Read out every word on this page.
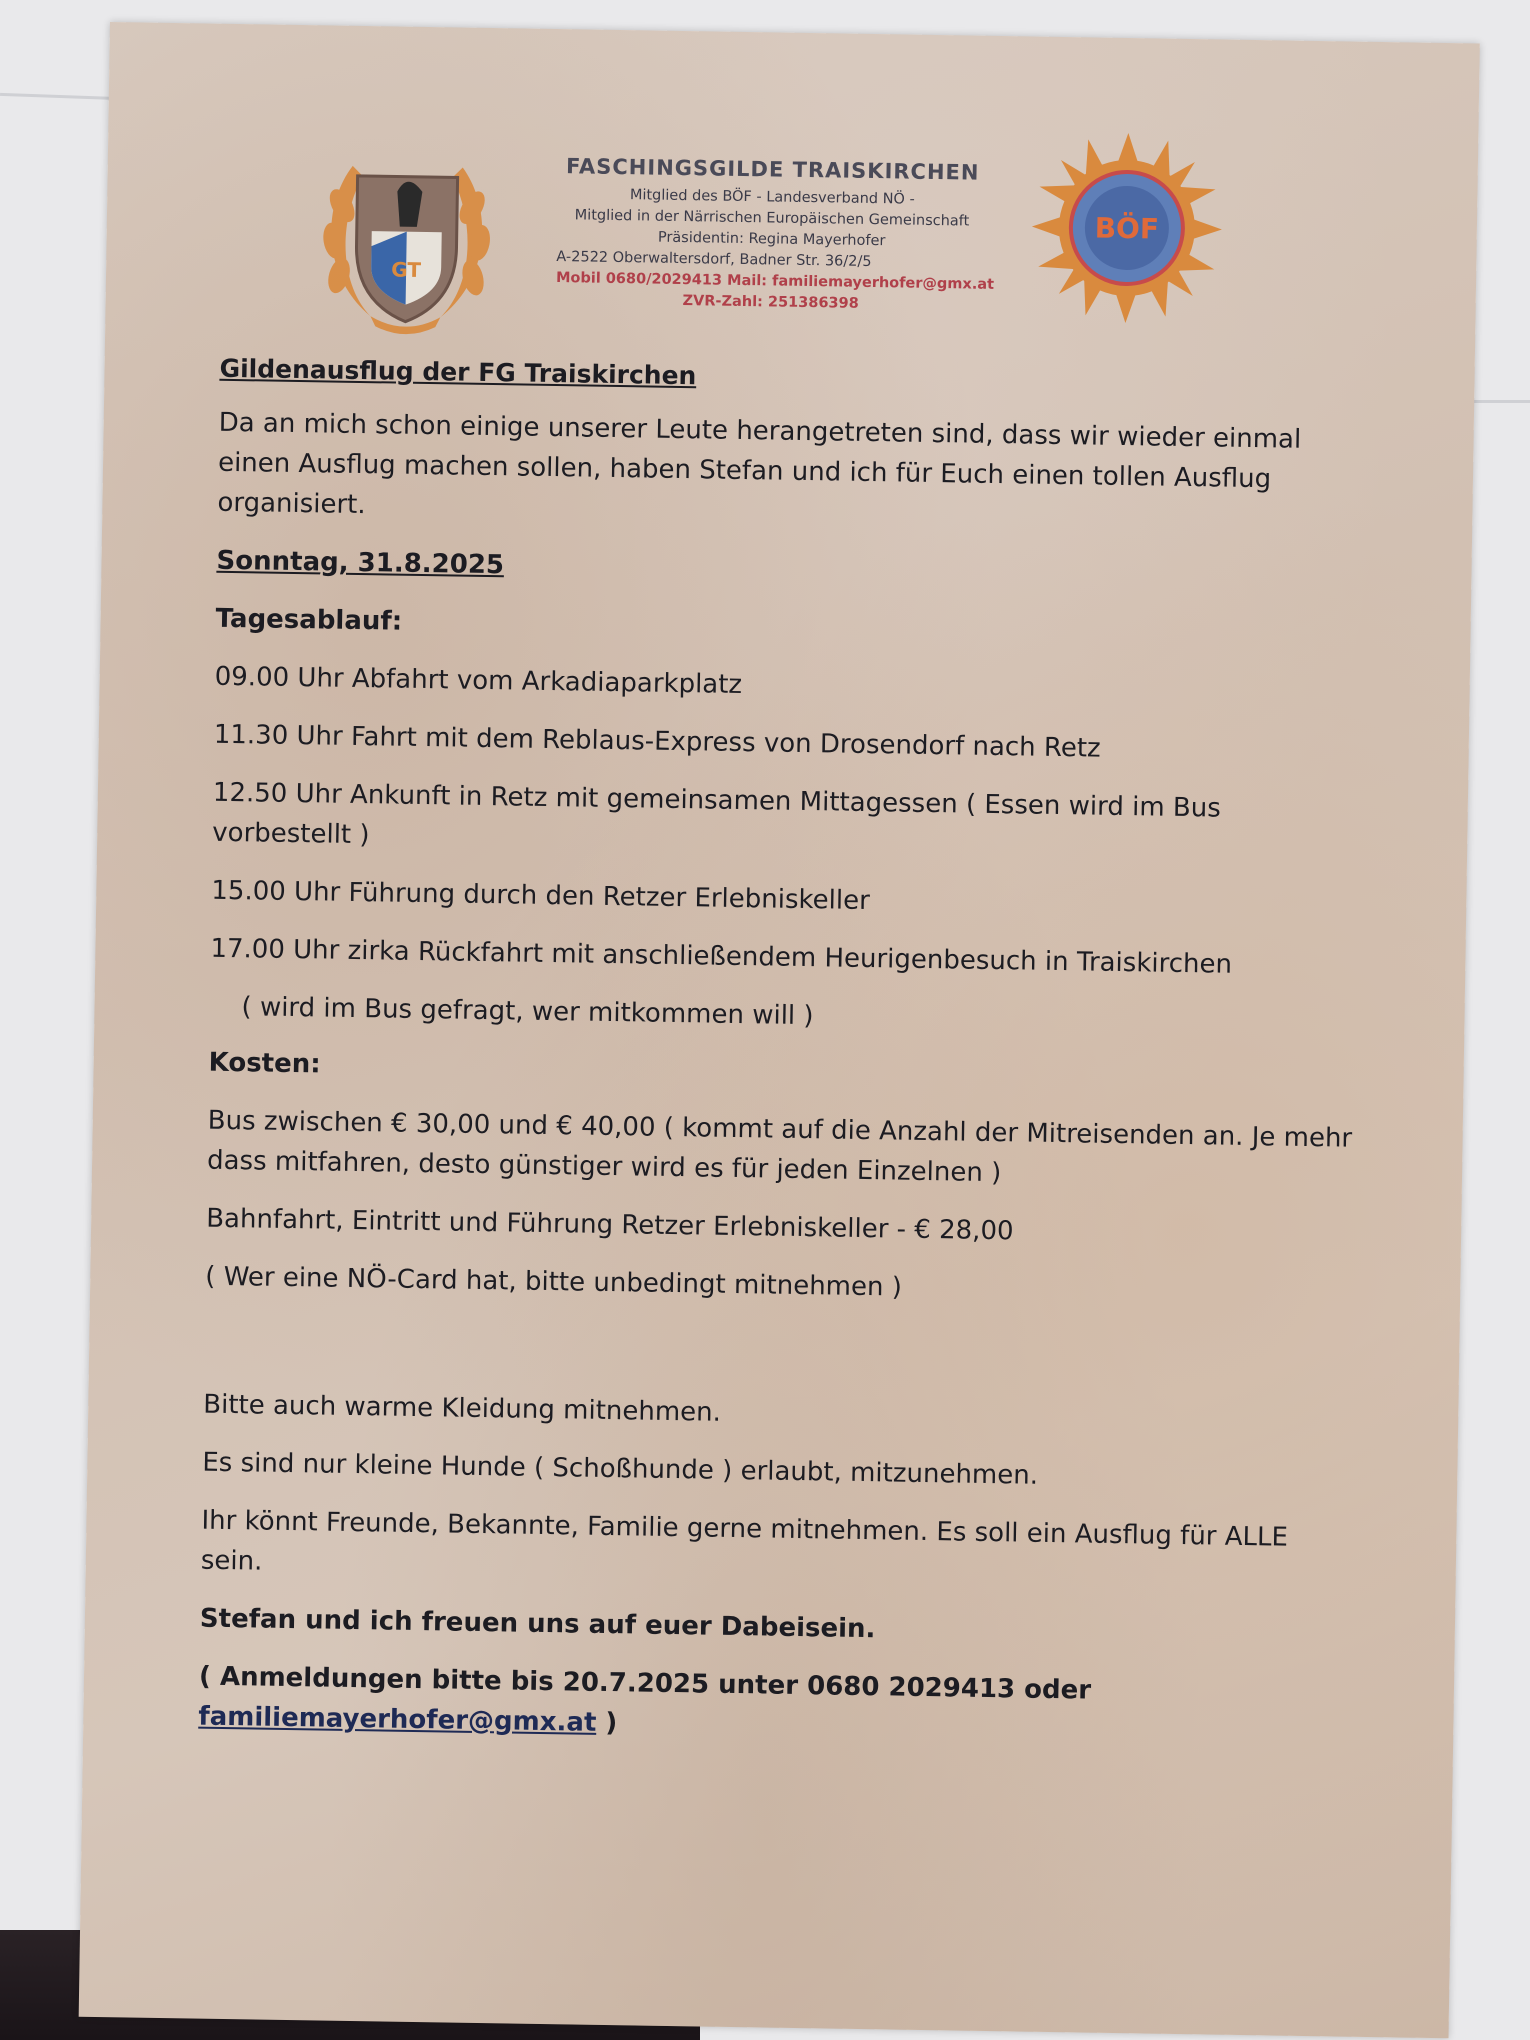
GT
FASCHINGSGILDE TRAISKIRCHEN
Mitglied des BÖF - Landesverband NÖ -
Mitglied in der Närrischen Europäischen Gemeinschaft
Präsidentin: Regina Mayerhofer
A-2522 Oberwaltersdorf, Badner Str. 36/2/5
Mobil 0680/2029413 Mail: familiemayerhofer@gmx.at
ZVR-Zahl: 251386398
BÖF

Gildenausflug der FG Traiskirchen

Da an mich schon einige unserer Leute herangetreten sind, dass wir wieder einmal einen Ausflug machen sollen, haben Stefan und ich für Euch einen tollen Ausflug organisiert.

Sonntag, 31.8.2025

Tagesablauf:

09.00 Uhr Abfahrt vom Arkadiaparkplatz

11.30 Uhr Fahrt mit dem Reblaus-Express von Drosendorf nach Retz

12.50 Uhr Ankunft in Retz mit gemeinsamen Mittagessen ( Essen wird im Bus vorbestellt )

15.00 Uhr Führung durch den Retzer Erlebniskeller

17.00 Uhr zirka Rückfahrt mit anschließendem Heurigenbesuch in Traiskirchen

( wird im Bus gefragt, wer mitkommen will )

Kosten:

Bus zwischen € 30,00 und € 40,00 ( kommt auf die Anzahl der Mitreisenden an. Je mehr dass mitfahren, desto günstiger wird es für jeden Einzelnen )

Bahnfahrt, Eintritt und Führung Retzer Erlebniskeller - € 28,00

( Wer eine NÖ-Card hat, bitte unbedingt mitnehmen )

Bitte auch warme Kleidung mitnehmen.

Es sind nur kleine Hunde ( Schoßhunde ) erlaubt, mitzunehmen.

Ihr könnt Freunde, Bekannte, Familie gerne mitnehmen. Es soll ein Ausflug für ALLE sein.

Stefan und ich freuen uns auf euer Dabeisein.

( Anmeldungen bitte bis 20.7.2025 unter 0680 2029413 oder
familiemayerhofer@gmx.at )
